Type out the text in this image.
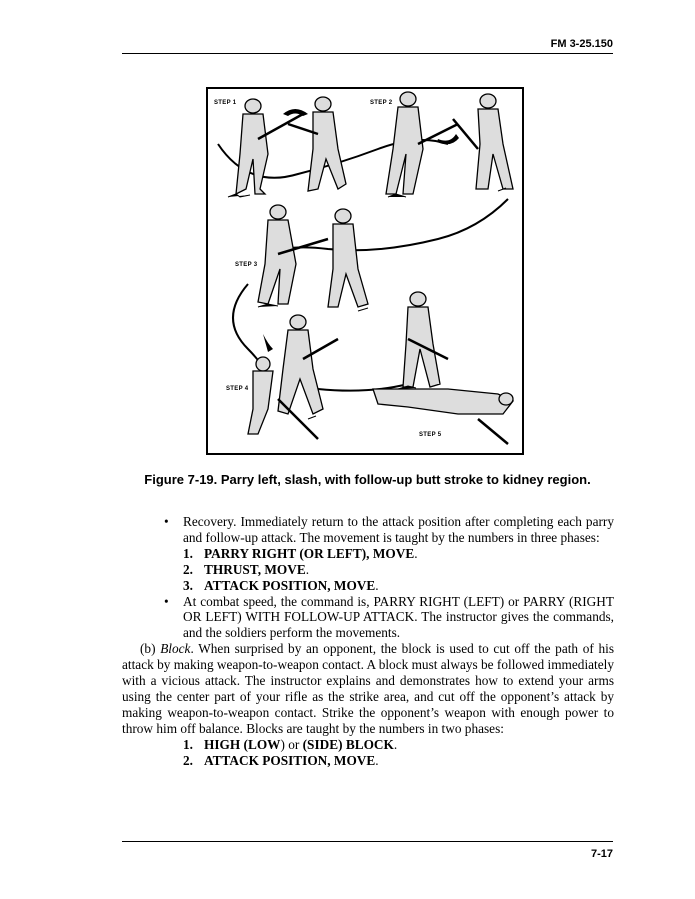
FM 3-25.150
STEP 1	STEP 2
STEP 3
STEP 4
STEP 5
Figure 7-19. Parry left, slash, with follow-up butt stroke to kidney region.
• Recovery. Immediately return to the attack position after completing each parry and follow-up attack. The movement is taught by the numbers in three phases:
1. PARRY RIGHT (OR LEFT), MOVE.
2. THRUST, MOVE.
3. ATTACK POSITION, MOVE.
• At combat speed, the command is, PARRY RIGHT (LEFT) or PARRY (RIGHT OR LEFT) WITH FOLLOW-UP ATTACK. The instructor gives the commands, and the soldiers perform the movements.
(b) Block. When surprised by an opponent, the block is used to cut off the path of his attack by making weapon-to-weapon contact. A block must always be followed immediately with a vicious attack. The instructor explains and demonstrates how to extend your arms using the center part of your rifle as the strike area, and cut off the opponent’s attack by making weapon-to-weapon contact. Strike the opponent’s weapon with enough power to throw him off balance. Blocks are taught by the numbers in two phases:
1. HIGH (LOW) or (SIDE) BLOCK.
2. ATTACK POSITION, MOVE.
7-17
